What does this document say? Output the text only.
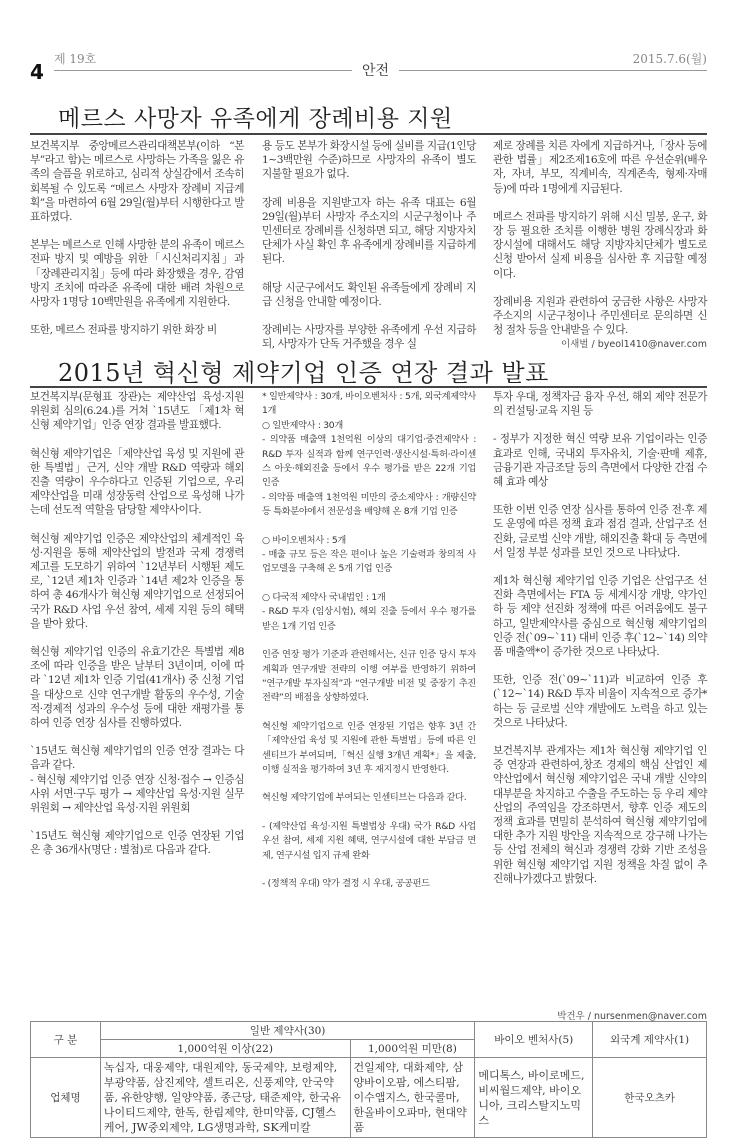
제 19호
4	안전
2015.7.6(월)
메르스 사망자 유족에게 장례비용 지원

보건복지부 중앙메르스관리대책본부(이하 “본부”라고 함)는 메르스로 사망하는 가족을 잃은 유족의 슬픔을 위로하고, 심리적 상실감에서 조속히 회복될 수 있도록 “메르스 사망자 장례비 지급계획”을 마련하여 6월 29일(월)부터 시행한다고 발표하였다.

본부는 메르스로 인해 사망한 분의 유족이 메르스 전파 방지 및 예방을 위한「시신처리지침」과「장례관리지침」등에 따라 화장했을 경우, 감염방지 조치에 따라준 유족에 대한 배려 차원으로 사망자 1명당 10백만원을 유족에게 지원한다.

또한, 메르스 전파를 방지하기 위한 화장 비

용 등도 본부가 화장시설 등에 실비를 지급(1인당 1∼3백만원 수준)하므로 사망자의 유족이 별도 지불할 필요가 없다.

장례 비용을 지원받고자 하는 유족 대표는 6월 29일(월)부터 사망자 주소지의 시군구청이나 주민센터로 장례비를 신청하면 되고, 해당 지방자치단체가 사실 확인 후 유족에게 장례비를 지급하게 된다.

해당 시군구에서도 확인된 유족들에게 장례비 지급 신청을 안내할 예정이다.

장례비는 사망자를 부양한 유족에게 우선 지급하되, 사망자가 단독 거주했을 경우 실

제로 장례를 치른 자에게 지급하거나,「장사 등에 관한 법률」제2조제16호에 따른 우선순위(배우자, 자녀, 부모, 직계비속, 직계존속, 형제·자매 등)에 따라 1명에게 지급된다.

메르스 전파를 방지하기 위해 시신 밀봉, 운구, 화장 등 필요한 조치를 이행한 병원 장례식장과 화장시설에 대해서도 해당 지방자치단체가 별도로 신청 받아서 실제 비용을 심사한 후 지급할 예정이다.

장례비용 지원과 관련하여 궁금한 사항은 사망자 주소지의 시군구청이나 주민센터로 문의하면 신청 절차 등을 안내받을 수 있다.

이새벌 / byeol1410@naver.com
2015년 혁신형 제약기업 인증 연장 결과 발표

보건복지부(문형표 장관)는 제약산업 육성·지원 위원회 심의(6.24.)를 거쳐 `15년도 「제1차 혁신형 제약기업」인증 연장 결과를 발표했다.

혁신형 제약기업은「제약산업 육성 및 지원에 관한 특별법」근거, 신약 개발 R&D 역량과 해외 진출 역량이 우수하다고 인증된 기업으로, 우리 제약산업을 미래 성장동력 산업으로 육성해 나가는데 선도적 역할을 담당할 제약사이다.

혁신형 제약기업 인증은 제약산업의 체계적인 육성·지원을 통해 제약산업의 발전과 국제 경쟁력 제고를 도모하기 위하여 `12년부터 시행된 제도로, `12년 제1차 인증과 `14년 제2차 인증을 통하여 총 46개사가 혁신형 제약기업으로 선정되어 국가 R&D 사업 우선 참여, 세제 지원 등의 혜택을 받아 왔다.

혁신형 제약기업 인증의 유효기간은 특별법 제8조에 따라 인증을 받은 날부터 3년이며, 이에 따라 `12년 제1차 인증 기업(41개사) 중 신청 기업을 대상으로 신약 연구개발 활동의 우수성, 기술적·경제적 성과의 우수성 등에 대한 재평가를 통하여 인증 연장 심사를 진행하였다.

`15년도 혁신형 제약기업의 인증 연장 결과는 다음과 같다.
- 혁신형 제약기업 인증 연장 신청·접수 → 인증심사위 서면·구두 평가 → 제약산업 육성·지원 실무위원회 → 제약산업 육성·지원 위원회

`15년도 혁신형 제약기업으로 인증 연장된 기업은 총 36개사(명단 : 별첨)로 다음과 같다.

* 일반제약사 : 30개, 바이오벤처사 : 5개, 외국계제약사 1개
○ 일반제약사 : 30개
- 의약품 매출액 1천억원 이상의 대기업·중견제약사 : R&D 투자 실적과 함께 연구인력·생산시설·특허·라이센스 아웃·해외진출 등에서 우수 평가를 받은 22개 기업 인증
- 의약품 매출액 1천억원 미만의 중소제약사 : 개량신약 등 특화분야에서 전문성을 배양해 온 8개 기업 인증

○ 바이오벤처사 : 5개
- 매출 규모 등은 작은 편이나 높은 기술력과 창의적 사업모델을 구축해 온 5개 기업 인증

○ 다국적 제약사 국내법인 : 1개
- R&D 투자 (임상시험), 해외 진출 등에서 우수 평가를 받은 1개 기업 인증

인증 연장 평가 기준과 관련해서는, 신규 인증 당시 투자 계획과 연구개발 전략의 이행 여부를 반영하기 위하여 “연구개발 투자실적”과 “연구개발 비전 및 중장기 추진전략”의 배점을 상향하였다.

혁신형 제약기업으로 인증 연장된 기업은 향후 3년 간「제약산업 육성 및 지원에 관한 특별법」등에 따른 인센티브가 부여되며,「혁신 실행 3개년 계획*」을 제출, 이행 실적을 평가하여 3년 후 재지정시 반영한다.

혁신형 제약기업에 부여되는 인센티브는 다음과 같다.

- (제약산업 육성·지원 특별법상 우대) 국가 R&D 사업 우선 참여, 세제 지원 혜택, 연구시설에 대한 부담금 면제, 연구시설 입지 규제 완화

- (정책적 우대) 약가 결정 시 우대, 공공펀드

투자 우대, 정책자금 융자 우선, 해외 제약 전문가의 컨설팅·교육 지원 등

- 정부가 지정한 혁신 역량 보유 기업이라는 인증 효과로 인해, 국내외 투자유치, 기술·판매 제휴, 금융기관 자금조달 등의 측면에서 다양한 간접 수혜 효과 예상

또한 이번 인증 연장 심사를 통하여 인증 전·후 제도 운영에 따른 정책 효과 점검 결과, 산업구조 선진화, 글로벌 신약 개발, 해외진출 확대 등 측면에서 일정 부분 성과를 보인 것으로 나타났다.

제1차 혁신형 제약기업 인증 기업은 산업구조 선진화 측면에서는 FTA 등 세계시장 개방, 약가인하 등 제약 선진화 정책에 따른 어려움에도 불구하고, 일반제약사를 중심으로 혁신형 제약기업의 인증 전(`09∼`11) 대비 인증 후(`12∼`14) 의약품 매출액*이 증가한 것으로 나타났다.

또한, 인증 전(`09∼`11)과 비교하여 인증 후(`12∼`14) R&D 투자 비율이 지속적으로 증가*하는 등 글로벌 신약 개발에도 노력을 하고 있는 것으로 나타났다.

보건복지부 관계자는 제1차 혁신형 제약기업 인증 연장과 관련하여,창조 경제의 핵심 산업인 제약산업에서 혁신형 제약기업은 국내 개발 신약의 대부분을 차지하고 수출을 주도하는 등 우리 제약산업의 주역임을 강조하면서, 향후 인증 제도의 정책 효과를 면밀히 분석하여 혁신형 제약기업에 대한 추가 지원 방안을 지속적으로 강구해 나가는 등 산업 전체의 혁신과 경쟁력 강화 기반 조성을 위한 혁신형 제약기업 지원 정책을 차질 없이 추진해나가겠다고 밝혔다.

박건우 / nursenmen@naver.com
구 분	일반 제약사(30)		바이오 벤처사(5)	외국계 제약사(1)
	1,000억원 이상(22)	1,000억원 미만(8)		
업체명	녹십자, 대웅제약, 대원제약, 동국제약, 보령제약, 부광약품, 삼진제약, 셀트리온, 신풍제약, 안국약품, 유한양행, 일양약품, 종근당, 태준제약, 한국유나이티드제약, 한독, 한림제약, 한미약품, CJ헬스케어, JW중외제약, LG생명과학, SK케미칼	건일제약, 대화제약, 삼양바이오팜, 에스티팜, 이수앱지스, 한국콜마, 한올바이오파마, 현대약품	메디톡스, 바이로메드, 비씨월드제약, 바이오니아, 크리스탈지노믹스	한국오츠카
